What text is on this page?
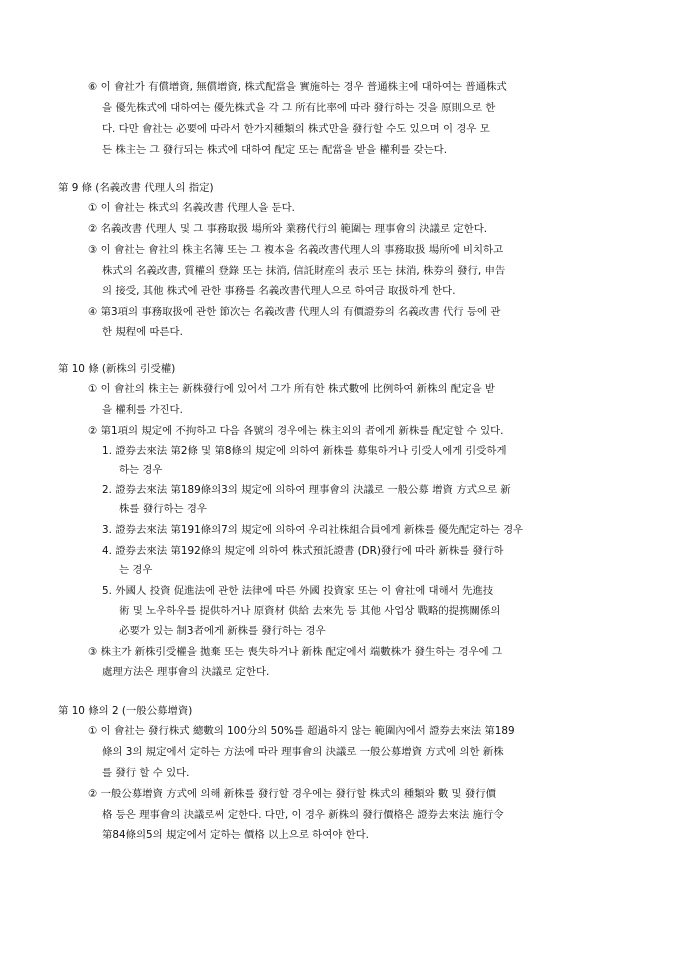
⑥ 이 會社가 有償增資, 無償增資, 株式配當을 實施하는 경우 普通株主에 대하여는 普通株式
을 優先株式에 대하여는 優先株式을 각 그 所有比率에 따라 發行하는 것을 原則으로 한
다. 다만 會社는 必要에 따라서 한가지種類의 株式만을 發行할 수도 있으며 이 경우 모
든 株主는 그 發行되는 株式에 대하여 配定 또는 配當을 받을 權利를 갖는다.
第 9 條 (名義改書 代理人의 指定)
① 이 會社는 株式의 名義改書 代理人을 둔다.
② 名義改書 代理人 및 그 事務取扱 場所와 業務代行의 範圍는 理事會의 決議로 定한다.
③ 이 會社는 會社의 株主名簿 또는 그 複本을 名義改書代理人의 事務取扱 場所에 비치하고
株式의 名義改書, 質權의 登錄 또는 抹消, 信託財産의 表示 또는 抹消, 株券의 發行, 申告
의 接受, 其他 株式에 관한 事務를 名義改書代理人으로 하여금 取扱하게 한다.
④ 第3項의 事務取扱에 관한 節次는 名義改書 代理人의 有價證券의 名義改書 代行 등에 관
한 規程에 따른다.
第 10 條 (新株의 引受權)
① 이 會社의 株主는 新株發行에 있어서 그가 所有한 株式數에 比例하여 新株의 配定을 받
을 權利를 가진다.
② 第1項의 規定에 不拘하고 다음 各號의 경우에는 株主외의 者에게 新株를 配定할 수 있다.
1. 證券去來法 第2條 및 第8條의 規定에 의하여 新株를 募集하거나 引受人에게 引受하게
하는 경우
2. 證券去來法 第189條의3의 規定에 의하여 理事會의 決議로 一般公募 增資 方式으로 新
株를 發行하는 경우
3. 證券去來法 第191條의7의 規定에 의하여 우리社株組合員에게 新株를 優先配定하는 경우
4. 證券去來法 第192條의 規定에 의하여 株式預託證書 (DR)發行에 따라 新株를 發行하
는 경우
5. 外國人 投資 促進法에 관한 法律에 따른 外國 投資家 또는 이 會社에 대해서 先進技
術 및 노우하우를 提供하거나 原資材 供給 去來先 등 其他 사업상 戰略的提携關係의
必要가 있는 制3者에게 新株를 發行하는 경우
③ 株主가 新株引受權을 拋棄 또는 喪失하거나 新株 配定에서 端數株가 發生하는 경우에 그
處理方法은 理事會의 決議로 定한다.
第 10 條의 2 (一般公募增資)
① 이 會社는 發行株式 總數의 100分의 50%를 超過하지 않는 範圍內에서 證券去來法 第189
條의 3의 規定에서 定하는 方法에 따라 理事會의 決議로 一般公募增資 方式에 의한 新株
를 發行 할 수 있다.
② 一般公募增資 方式에 의해 新株를 發行할 경우에는 發行할 株式의 種類와 數 및 發行價
格 등은 理事會의 決議로써 定한다. 다만, 이 경우 新株의 發行價格은 證券去來法 施行令
第84條의5의 規定에서 定하는 價格 以上으로 하여야 한다.
